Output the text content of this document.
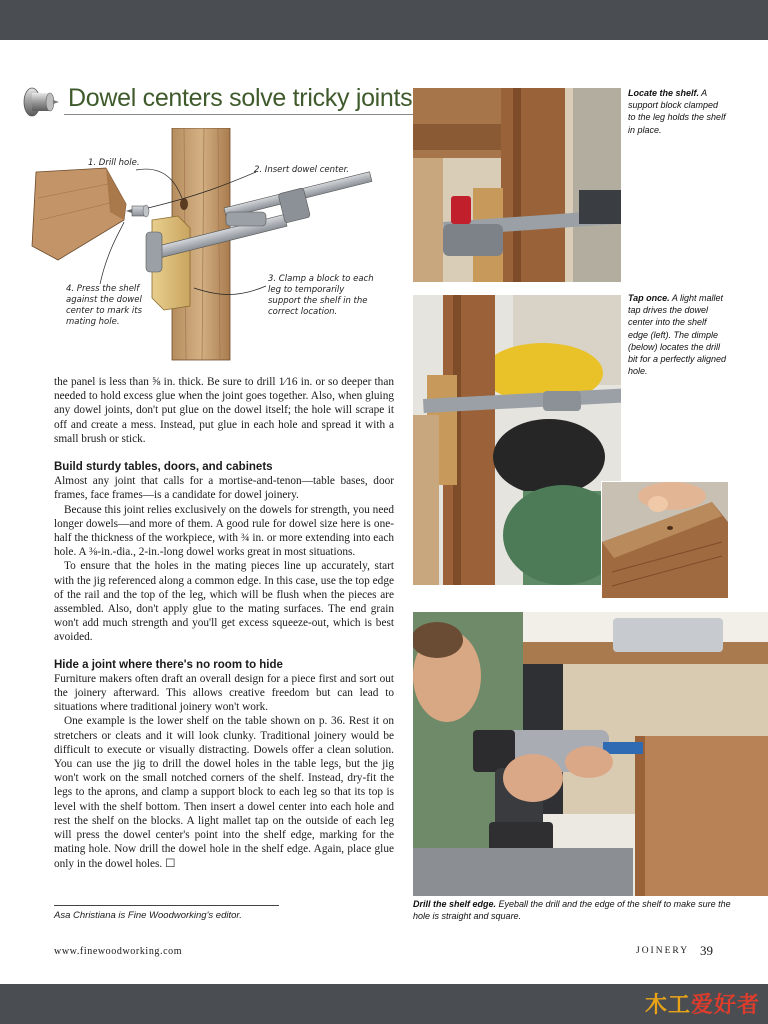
Dowel centers solve tricky joints
1. Drill hole.
2. Insert dowel center.
3. Clamp a block to each leg to temporarily support the shelf in the correct location.
4. Press the shelf against the dowel center to mark its mating hole.

the panel is less than ⅝ in. thick. Be sure to drill 1⁄16 in. or so deeper than needed to hold excess glue when the joint goes together. Also, when gluing any dowel joints, don't put glue on the dowel itself; the hole will scrape it off and create a mess. Instead, put glue in each hole and spread it with a small brush or stick.

Build sturdy tables, doors, and cabinets

Almost any joint that calls for a mortise-and-tenon—table bases, door frames, face frames—is a candidate for dowel joinery.

Because this joint relies exclusively on the dowels for strength, you need longer dowels—and more of them. A good rule for dowel size here is one-half the thickness of the workpiece, with ¾ in. or more extending into each hole. A ⅜-in.-dia., 2-in.-long dowel works great in most situations.

To ensure that the holes in the mating pieces line up accurately, start with the jig referenced along a common edge. In this case, use the top edge of the rail and the top of the leg, which will be flush when the pieces are assembled. Also, don't apply glue to the mating surfaces. The end grain won't add much strength and you'll get excess squeeze-out, which is best avoided.

Hide a joint where there's no room to hide

Furniture makers often draft an overall design for a piece first and sort out the joinery afterward. This allows creative freedom but can lead to situations where traditional joinery won't work.

One example is the lower shelf on the table shown on p. 36. Rest it on stretchers or cleats and it will look clunky. Traditional joinery would be difficult to execute or visually distracting. Dowels offer a clean solution. You can use the jig to drill the dowel holes in the table legs, but the jig won't work on the small notched corners of the shelf. Instead, dry-fit the legs to the aprons, and clamp a support block to each leg so that its top is level with the shelf bottom. Then insert a dowel center into each hole and rest the shelf on the blocks. A light mallet tap on the outside of each leg will press the dowel center's point into the shelf edge, marking for the mating hole. Now drill the dowel hole in the shelf edge. Again, place glue only in the dowel holes. ☐

Asa Christiana is Fine Woodworking's editor.
Locate the shelf. A support block clamped to the leg holds the shelf in place.
Tap once. A light mallet tap drives the dowel center into the shelf edge (left). The dimple (below) locates the drill bit for a perfectly aligned hole.
Drill the shelf edge. Eyeball the drill and the edge of the shelf to make sure the hole is straight and square.
www.finewoodworking.com	JOINERY 39
木工爱好者
